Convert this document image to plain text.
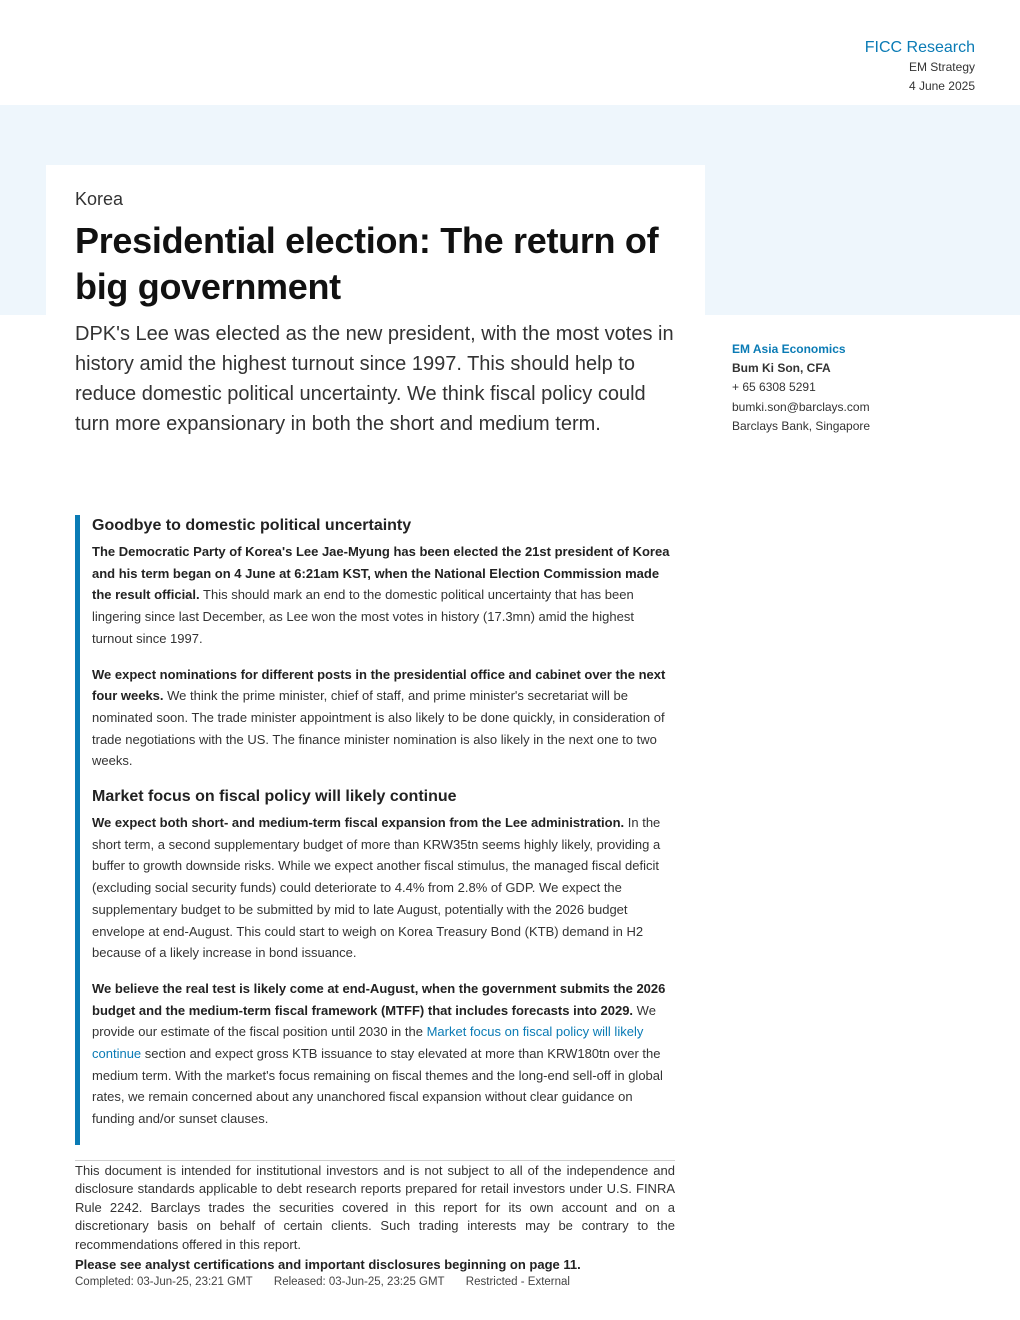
FICC Research
EM Strategy
4 June 2025
Korea
Presidential election: The return of big government

DPK's Lee was elected as the new president, with the most votes in history amid the highest turnout since 1997. This should help to reduce domestic political uncertainty. We think fiscal policy could turn more expansionary in both the short and medium term.

EM Asia Economics
Bum Ki Son, CFA
+ 65 6308 5291
bumki.son@barclays.com
Barclays Bank, Singapore
Goodbye to domestic political uncertainty

The Democratic Party of Korea's Lee Jae-Myung has been elected the 21st president of Korea and his term began on 4 June at 6:21am KST, when the National Election Commission made the result official. This should mark an end to the domestic political uncertainty that has been lingering since last December, as Lee won the most votes in history (17.3mn) amid the highest turnout since 1997.

We expect nominations for different posts in the presidential office and cabinet over the next four weeks. We think the prime minister, chief of staff, and prime minister's secretariat will be nominated soon. The trade minister appointment is also likely to be done quickly, in consideration of trade negotiations with the US. The finance minister nomination is also likely in the next one to two weeks.

Market focus on fiscal policy will likely continue

We expect both short- and medium-term fiscal expansion from the Lee administration. In the short term, a second supplementary budget of more than KRW35tn seems highly likely, providing a buffer to growth downside risks. While we expect another fiscal stimulus, the managed fiscal deficit (excluding social security funds) could deteriorate to 4.4% from 2.8% of GDP. We expect the supplementary budget to be submitted by mid to late August, potentially with the 2026 budget envelope at end-August. This could start to weigh on Korea Treasury Bond (KTB) demand in H2 because of a likely increase in bond issuance.

We believe the real test is likely come at end-August, when the government submits the 2026 budget and the medium-term fiscal framework (MTFF) that includes forecasts into 2029. We provide our estimate of the fiscal position until 2030 in the Market focus on fiscal policy will likely continue section and expect gross KTB issuance to stay elevated at more than KRW180tn over the medium term. With the market's focus remaining on fiscal themes and the long-end sell-off in global rates, we remain concerned about any unanchored fiscal expansion without clear guidance on funding and/or sunset clauses.

This document is intended for institutional investors and is not subject to all of the independence and disclosure standards applicable to debt research reports prepared for retail investors under U.S. FINRA Rule 2242. Barclays trades the securities covered in this report for its own account and on a discretionary basis on behalf of certain clients. Such trading interests may be contrary to the recommendations offered in this report.
Please see analyst certifications and important disclosures beginning on page 11.
Completed: 03-Jun-25, 23:21 GMT Released: 03-Jun-25, 23:25 GMT Restricted - External
